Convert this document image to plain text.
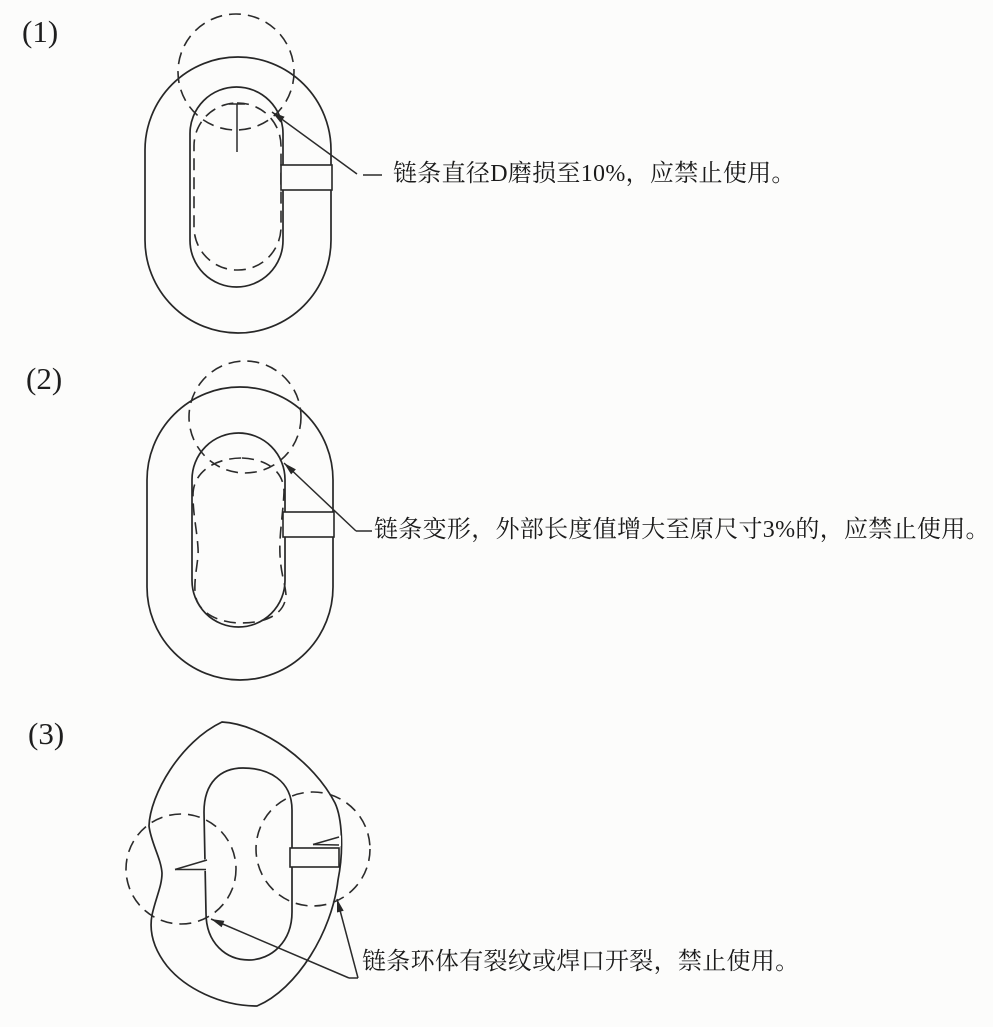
(1)
(2)
(3)
链条直径D磨损至10%，应禁止使用。
链条变形，外部长度值增大至原尺寸3%的，应禁止使用。
链条环体有裂纹或焊口开裂，禁止使用。
